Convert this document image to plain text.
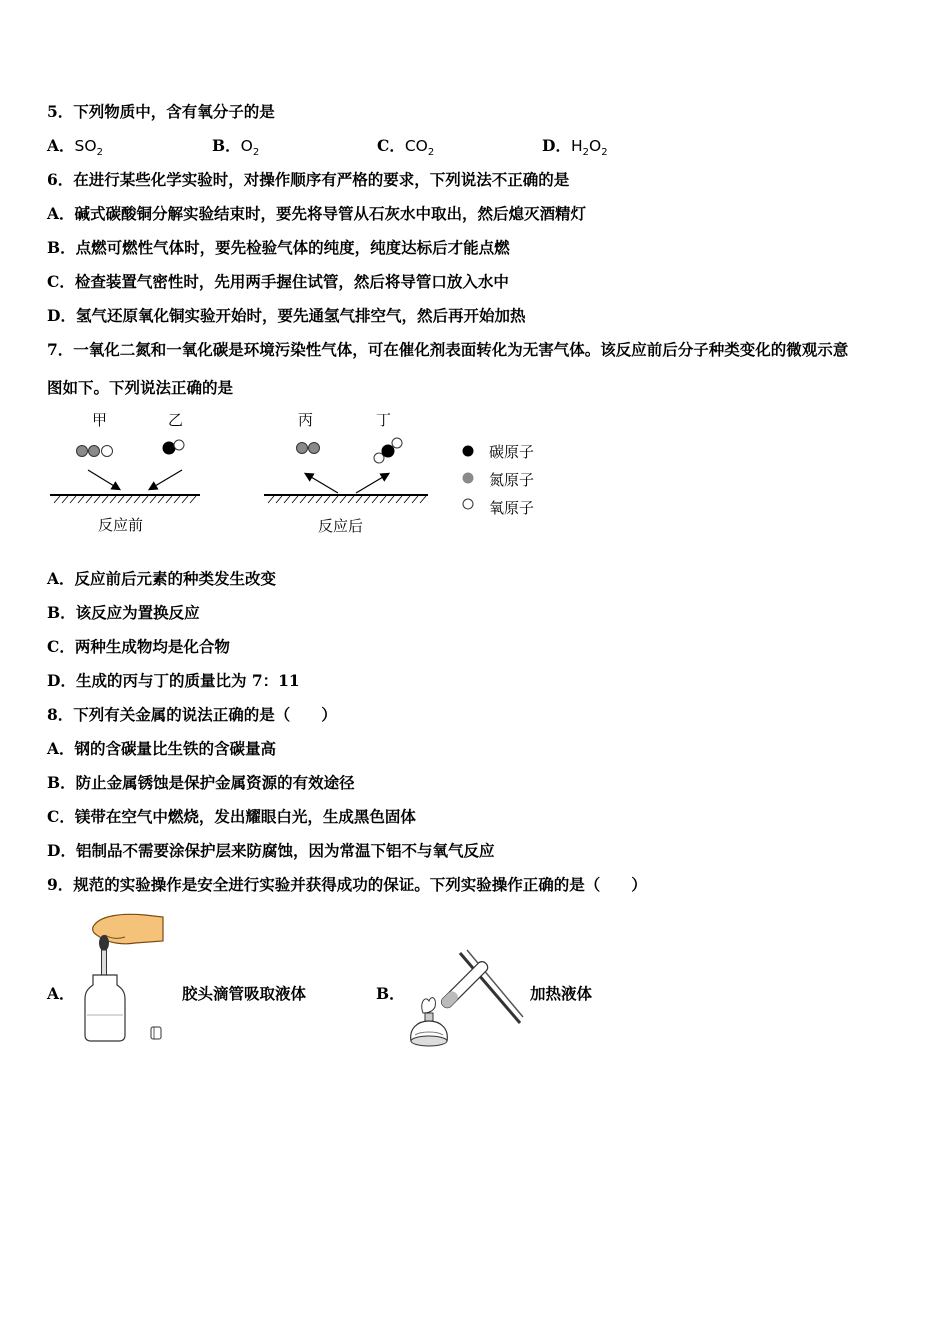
5．下列物质中，含有氧分子的是
A．$SO_2$	B．$O_2$	C．$CO_2$	D．$H_2O_2$
6．在进行某些化学实验时，对操作顺序有严格的要求，下列说法不正确的是
A．碱式碳酸铜分解实验结束时，要先将导管从石灰水中取出，然后熄灭酒精灯
B．点燃可燃性气体时，要先检验气体的纯度，纯度达标后才能点燃
C．检查装置气密性时，先用两手握住试管，然后将导管口放入水中
D．氢气还原氧化铜实验开始时，要先通氢气排空气，然后再开始加热
7．一氧化二氮和一氧化碳是环境污染性气体，可在催化剂表面转化为无害气体。该反应前后分子种类变化的微观示意
图如下。下列说法正确的是
甲	乙	丙	丁
反应前	反应后
碳原子
氮原子
氧原子
A．反应前后元素的种类发生改变
B．该反应为置换反应
C．两种生成物均是化合物
D．生成的丙与丁的质量比为 7：11
8．下列有关金属的说法正确的是（　　）
A．钢的含碳量比生铁的含碳量高
B．防止金属锈蚀是保护金属资源的有效途径
C．镁带在空气中燃烧，发出耀眼白光，生成黑色固体
D．铝制品不需要涂保护层来防腐蚀，因为常温下铝不与氧气反应
9．规范的实验操作是安全进行实验并获得成功的保证。下列实验操作正确的是（　　）
A．	胶头滴管吸取液体	B．	加热液体
